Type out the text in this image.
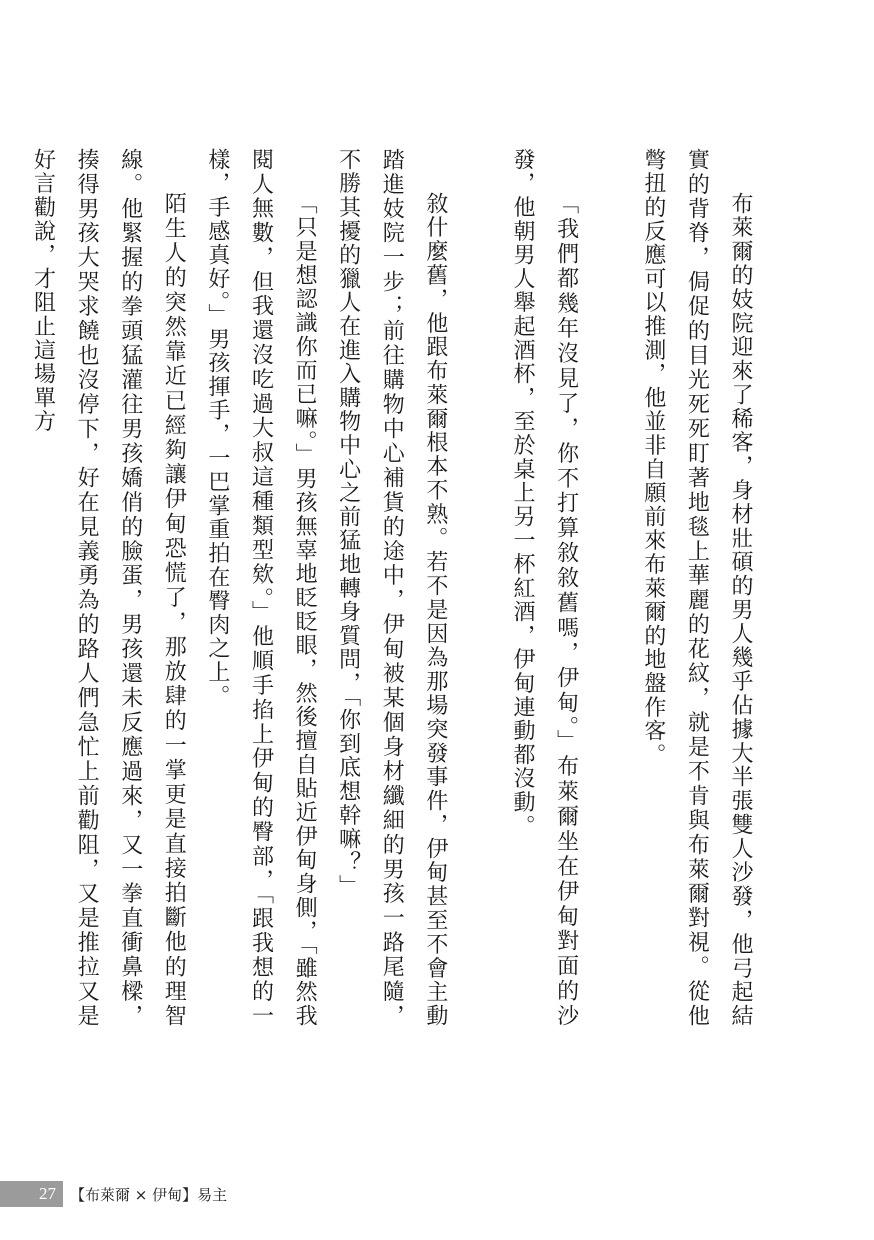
布萊爾的妓院迎來了稀客，身材壯碩的男人幾乎佔據大半張雙人沙發，他弓起結實的背脊，侷促的目光死死盯著地毯上華麗的花紋，就是不肯與布萊爾對視。從他彆扭的反應可以推測，他並非自願前來布萊爾的地盤作客。

「我們都幾年沒見了，你不打算敘敘舊嗎，伊甸。」布萊爾坐在伊甸對面的沙發，他朝男人舉起酒杯，至於桌上另一杯紅酒，伊甸連動都沒動。

敘什麼舊，他跟布萊爾根本不熟。若不是因為那場突發事件，伊甸甚至不會主動踏進妓院一步；前往購物中心補貨的途中，伊甸被某個身材纖細的男孩一路尾隨，不勝其擾的獵人在進入購物中心之前猛地轉身質問，「你到底想幹嘛？」

「只是想認識你而已嘛。」男孩無辜地眨眨眼，然後擅自貼近伊甸身側，「雖然我閱人無數，但我還沒吃過大叔這種類型欸。」他順手掐上伊甸的臀部，「跟我想的一樣，手感真好。」男孩揮手，一巴掌重拍在臀肉之上。

陌生人的突然靠近已經夠讓伊甸恐慌了，那放肆的一掌更是直接拍斷他的理智線。他緊握的拳頭猛灌往男孩嬌俏的臉蛋，男孩還未反應過來，又一拳直衝鼻樑，揍得男孩大哭求饒也沒停下，好在見義勇為的路人們急忙上前勸阻，又是推拉又是好言勸說，才阻止這場單方

27 【布萊爾 × 伊甸】易主
